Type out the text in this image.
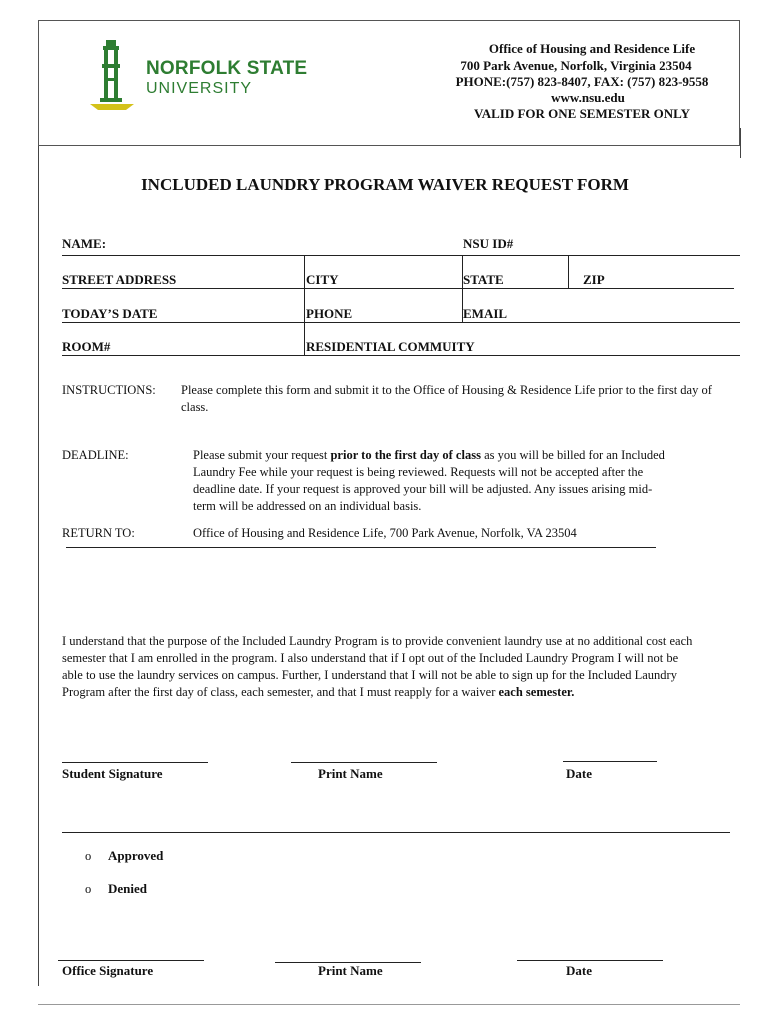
NORFOLK STATE
UNIVERSITY
Office of Housing and Residence Life
700 Park Avenue, Norfolk, Virginia 23504
PHONE:(757) 823-8407, FAX: (757) 823-9558
www.nsu.edu
VALID FOR ONE SEMESTER ONLY
INCLUDED LAUNDRY PROGRAM WAIVER REQUEST FORM
NAME:	NSU ID#
STREET ADDRESS	CITY	STATE	ZIP
TODAY’S DATE	PHONE	EMAIL
ROOM#	RESIDENTIAL COMMUITY
INSTRUCTIONS: Please complete this form and submit it to the Office of Housing & Residence Life prior to the first day of
class.
DEADLINE:	Please submit your request prior to the first day of class as you will be billed for an Included
Laundry Fee while your request is being reviewed. Requests will not be accepted after the
deadline date. If your request is approved your bill will be adjusted. Any issues arising mid-
term will be addressed on an individual basis.
RETURN TO:	Office of Housing and Residence Life, 700 Park Avenue, Norfolk, VA 23504
I understand that the purpose of the Included Laundry Program is to provide convenient laundry use at no additional cost each
semester that I am enrolled in the program. I also understand that if I opt out of the Included Laundry Program I will not be
able to use the laundry services on campus. Further, I understand that I will not be able to sign up for the Included Laundry
Program after the first day of class, each semester, and that I must reapply for a waiver each semester.
Student Signature	Print Name	Date
o Approved
o Denied
Office Signature	Print Name	Date
